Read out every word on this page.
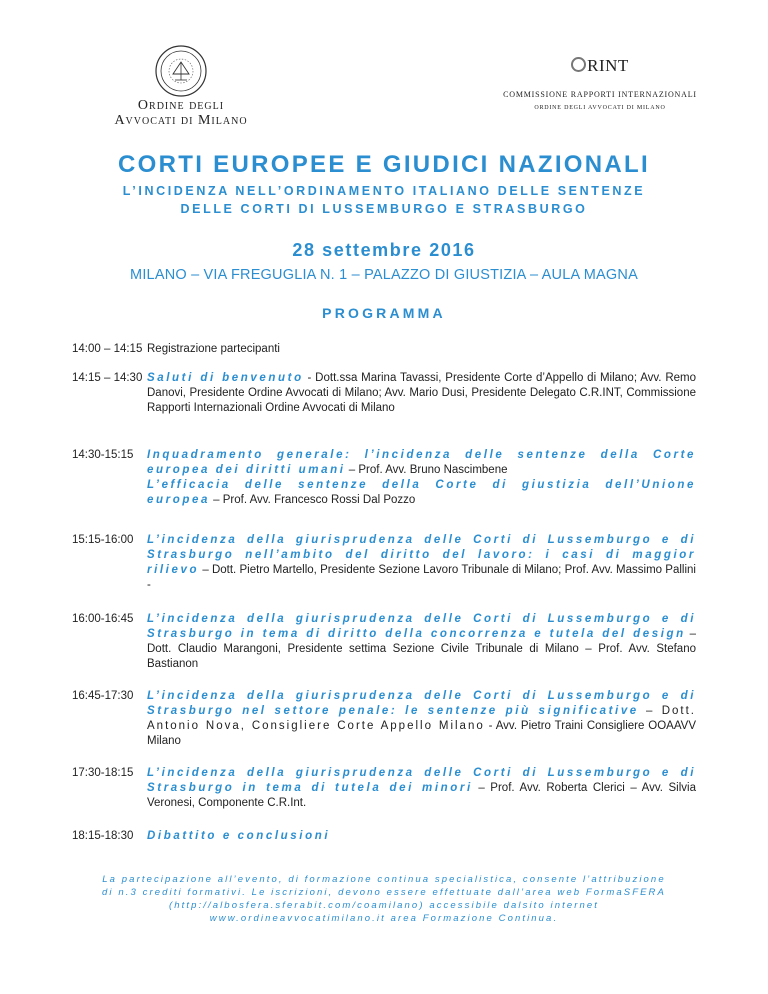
Ordine degli
Avvocati di Milano
RINT
COMMISSIONE RAPPORTI INTERNAZIONALI
ORDINE DEGLI AVVOCATI DI MILANO
CORTI EUROPEE E GIUDICI NAZIONALI
L’INCIDENZA NELL’ORDINAMENTO ITALIANO DELLE SENTENZE
DELLE CORTI DI LUSSEMBURGO E STRASBURGO
28 settembre 2016
MILANO – VIA FREGUGLIA N. 1 – PALAZZO DI GIUSTIZIA – AULA MAGNA
PROGRAMMA
14:00 – 14:15 Registrazione partecipanti
14:15 – 14:30 Saluti di benvenuto - Dott.ssa Marina Tavassi, Presidente Corte d’Appello di Milano; Avv. Remo Danovi, Presidente Ordine Avvocati di Milano; Avv. Mario Dusi, Presidente Delegato C.R.INT, Commissione Rapporti Internazionali Ordine Avvocati di Milano
14:30-15:15	Inquadramento generale: l’incidenza delle sentenze della Corte europea dei diritti umani – Prof. Avv. Bruno Nascimbene
L’efficacia delle sentenze della Corte di giustizia dell’Unione europea – Prof. Avv. Francesco Rossi Dal Pozzo
15:15-16:00	L’incidenza della giurisprudenza delle Corti di Lussemburgo e di Strasburgo nell’ambito del diritto del lavoro: i casi di maggior rilievo – Dott. Pietro Martello, Presidente Sezione Lavoro Tribunale di Milano; Prof. Avv. Massimo Pallini -
16:00-16:45	L’incidenza della giurisprudenza delle Corti di Lussemburgo e di Strasburgo in tema di diritto della concorrenza e tutela del design – Dott. Claudio Marangoni, Presidente settima Sezione Civile Tribunale di Milano – Prof. Avv. Stefano Bastianon
16:45-17:30	L’incidenza della giurisprudenza delle Corti di Lussemburgo e di Strasburgo nel settore penale: le sentenze più significative – Dott. Antonio Nova, Consigliere Corte Appello Milano - Avv. Pietro Traini Consigliere OOAAVV Milano
17:30-18:15	L’incidenza della giurisprudenza delle Corti di Lussemburgo e di Strasburgo in tema di tutela dei minori – Prof. Avv. Roberta Clerici – Avv. Silvia Veronesi, Componente C.R.Int.
18:15-18:30	Dibattito e conclusioni
La partecipazione all’evento, di formazione continua specialistica, consente l’attribuzione
di n.3 crediti formativi. Le iscrizioni, devono essere effettuate dall’area web FormaSFERA
(http://albosfera.sferabit.com/coamilano) accessibile dalsito internet
www.ordineavvocatimilano.it area Formazione Continua.
